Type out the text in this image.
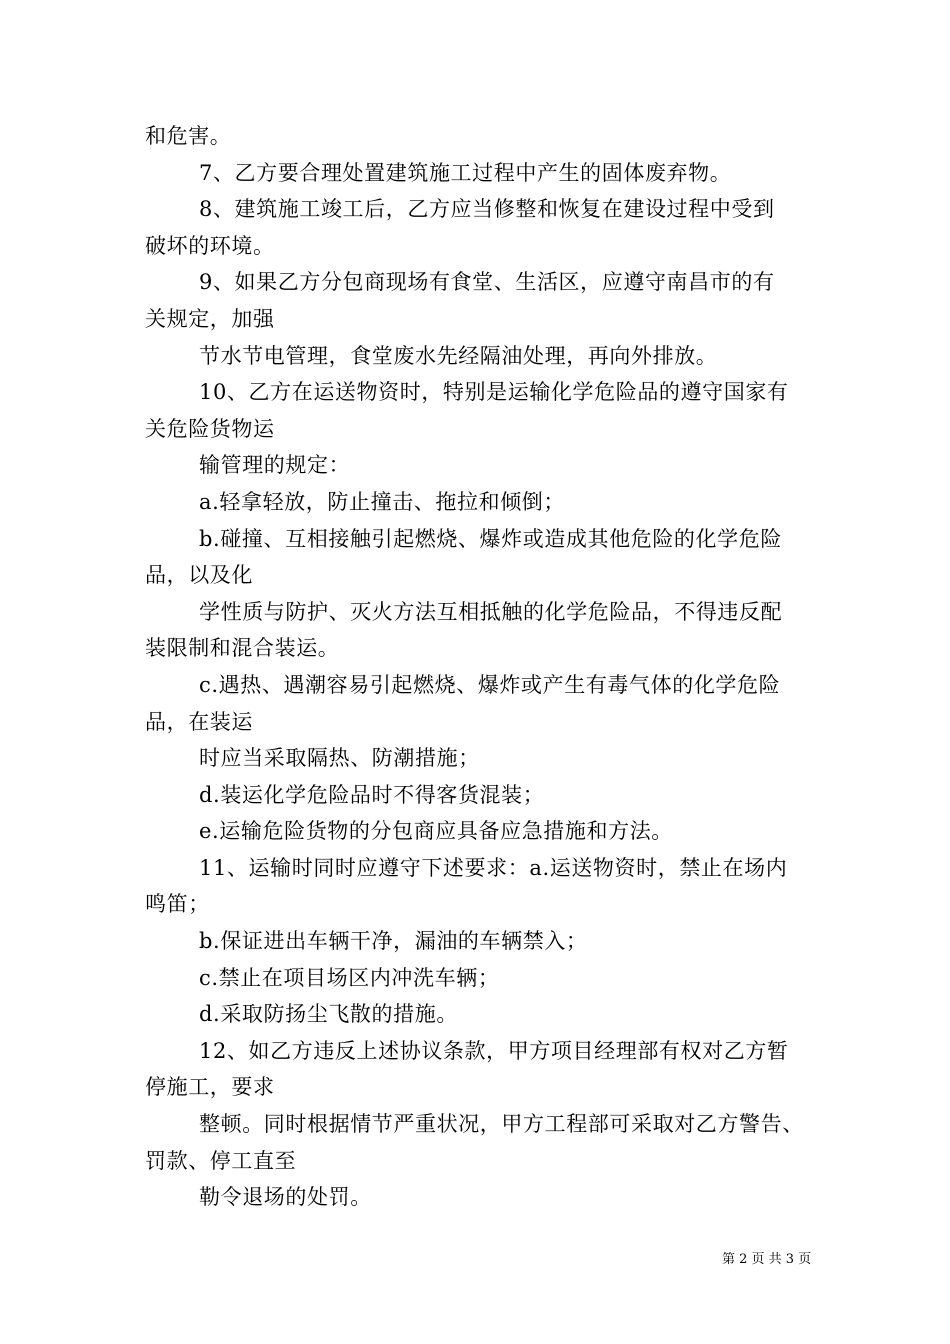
和危害。
7、乙方要合理处置建筑施工过程中产生的固体废弃物。
8、建筑施工竣工后，乙方应当修整和恢复在建设过程中受到
破坏的环境。
9、如果乙方分包商现场有食堂、生活区，应遵守南昌市的有
关规定，加强
节水节电管理，食堂废水先经隔油处理，再向外排放。
10、乙方在运送物资时，特别是运输化学危险品的遵守国家有
关危险货物运
输管理的规定：
a.轻拿轻放，防止撞击、拖拉和倾倒；
b.碰撞、互相接触引起燃烧、爆炸或造成其他危险的化学危险
品，以及化
学性质与防护、灭火方法互相抵触的化学危险品，不得违反配
装限制和混合装运。
c.遇热、遇潮容易引起燃烧、爆炸或产生有毒气体的化学危险
品，在装运
时应当采取隔热、防潮措施；
d.装运化学危险品时不得客货混装；
e.运输危险货物的分包商应具备应急措施和方法。
11、运输时同时应遵守下述要求：a.运送物资时，禁止在场内
鸣笛；
b.保证进出车辆干净，漏油的车辆禁入；
c.禁止在项目场区内冲洗车辆；
d.采取防扬尘飞散的措施。
12、如乙方违反上述协议条款，甲方项目经理部有权对乙方暂
停施工，要求
整顿。同时根据情节严重状况，甲方工程部可采取对乙方警告、
罚款、停工直至
勒令退场的处罚。
第 2 页 共 3 页
